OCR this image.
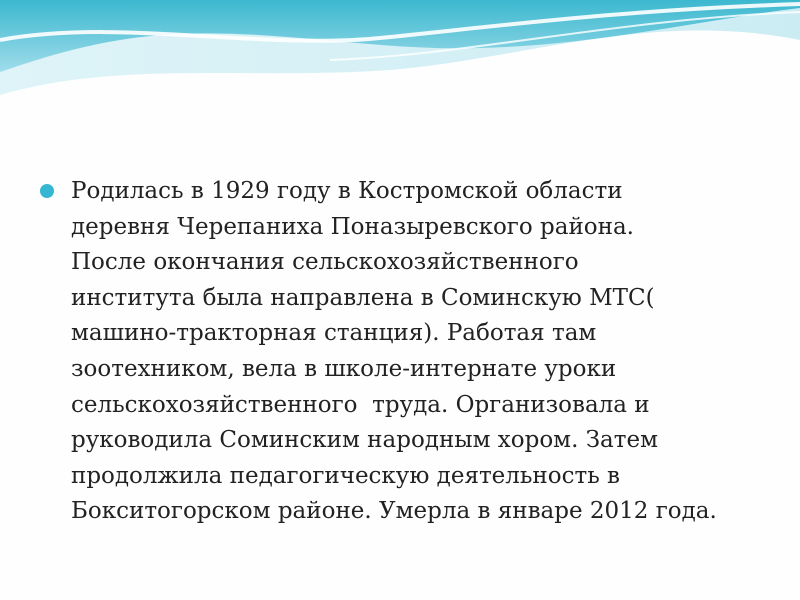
Родилась в 1929 году в Костромской области
деревня Черепаниха Поназыревского района.
После окончания сельскохозяйственного
института была направлена в Соминскую МТС(
машино-тракторная станция). Работая там
зоотехником, вела в школе-интернате уроки
сельскохозяйственного  труда. Организовала и
руководила Соминским народным хором. Затем
продолжила педагогическую деятельность в
Бокситогорском районе. Умерла в январе 2012 года.
